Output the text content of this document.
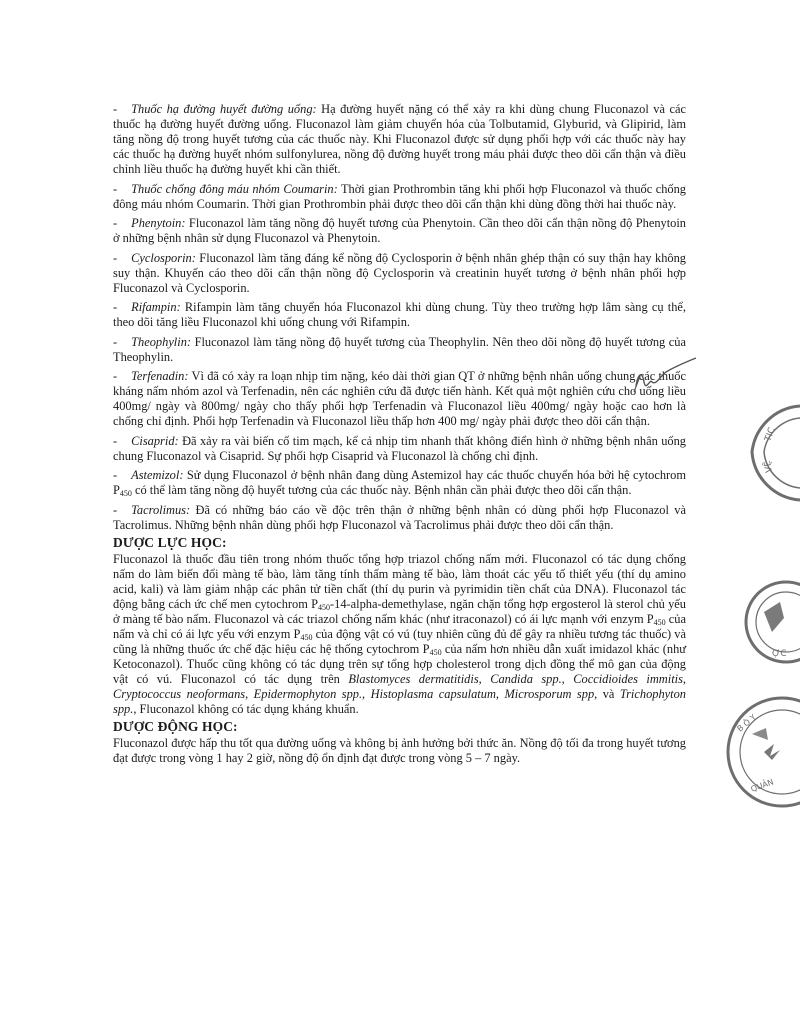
- Thuốc hạ đường huyết đường uống: Hạ đường huyết nặng có thể xảy ra khi dùng chung Fluconazol và các thuốc hạ đường huyết đường uống. Fluconazol làm giảm chuyển hóa của Tolbutamid, Glyburid, và Glipirid, làm tăng nồng độ trong huyết tương của các thuốc này. Khi Fluconazol được sử dụng phối hợp với các thuốc này hay các thuốc hạ đường huyết nhóm sulfonylurea, nồng độ đường huyết trong máu phải được theo dõi cẩn thận và điều chỉnh liều thuốc hạ đường huyết khi cần thiết.

- Thuốc chống đông máu nhóm Coumarin: Thời gian Prothrombin tăng khi phối hợp Fluconazol và thuốc chống đông máu nhóm Coumarin. Thời gian Prothrombin phải được theo dõi cẩn thận khi dùng đồng thời hai thuốc này.

- Phenytoin: Fluconazol làm tăng nồng độ huyết tương của Phenytoin. Cần theo dõi cẩn thận nồng độ Phenytoin ở những bệnh nhân sử dụng Fluconazol và Phenytoin.

- Cyclosporin: Fluconazol làm tăng đáng kể nồng độ Cyclosporin ở bệnh nhân ghép thận có suy thận hay không suy thận. Khuyến cáo theo dõi cẩn thận nồng độ Cyclosporin và creatinin huyết tương ở bệnh nhân phối hợp Fluconazol và Cyclosporin.

- Rifampin: Rifampin làm tăng chuyển hóa Fluconazol khi dùng chung. Tùy theo trường hợp lâm sàng cụ thể, theo dõi tăng liều Fluconazol khi uống chung với Rifampin.

- Theophylin: Fluconazol làm tăng nồng độ huyết tương của Theophylin. Nên theo dõi nồng độ huyết tương của Theophylin.

- Terfenadin: Vì đã có xảy ra loạn nhịp tim nặng, kéo dài thời gian QT ở những bệnh nhân uống chung các thuốc kháng nấm nhóm azol và Terfenadin, nên các nghiên cứu đã được tiến hành. Kết quả một nghiên cứu cho uống liều 400mg/ ngày và 800mg/ ngày cho thấy phối hợp Terfenadin và Fluconazol liều 400mg/ ngày hoặc cao hơn là chống chỉ định. Phối hợp Terfenadin và Fluconazol liều thấp hơn 400 mg/ ngày phải được theo dõi cẩn thận.

- Cisaprid: Đã xảy ra vài biến cố tim mạch, kể cả nhịp tim nhanh thất không điển hình ở những bệnh nhân uống chung Fluconazol và Cisaprid. Sự phối hợp Cisaprid và Fluconazol là chống chỉ định.

- Astemizol: Sử dụng Fluconazol ở bệnh nhân đang dùng Astemizol hay các thuốc chuyển hóa bởi hệ cytochrom $P_{450}$ có thể làm tăng nồng độ huyết tương của các thuốc này. Bệnh nhân cần phải được theo dõi cẩn thận.

- Tacrolimus: Đã có những báo cáo về độc trên thận ở những bệnh nhân có dùng phối hợp Fluconazol và Tacrolimus. Những bệnh nhân dùng phối hợp Fluconazol và Tacrolimus phải được theo dõi cẩn thận.

DƯỢC LỰC HỌC:

Fluconazol là thuốc đầu tiên trong nhóm thuốc tổng hợp triazol chống nấm mới. Fluconazol có tác dụng chống nấm do làm biến đổi màng tế bào, làm tăng tính thấm màng tế bào, làm thoát các yếu tố thiết yếu (thí dụ amino acid, kali) và làm giảm nhập các phân tử tiền chất (thí dụ purin và pyrimidin tiền chất của DNA). Fluconazol tác động bằng cách ức chế men cytochrom $P_{450}-14-alpha$-demethylase, ngăn chặn tổng hợp ergosterol là sterol chủ yếu ở màng tế bào nấm. Fluconazol và các triazol chống nấm khác (như itraconazol) có ái lực mạnh với enzym $P_{450}$ của nấm và chỉ có ái lực yếu với enzym $P_{450}$ của động vật có vú (tuy nhiên cũng đủ để gây ra nhiều tương tác thuốc) và cũng là những thuốc ức chế đặc hiệu các hệ thống cytochrom $P_{450}$ của nấm hơn nhiều dẫn xuất imidazol khác (như Ketoconazol). Thuốc cũng không có tác dụng trên sự tổng hợp cholesterol trong dịch đồng thể mô gan của động vật có vú. Fluconazol có tác dụng trên Blastomyces dermatitidis, Candida spp., Coccidioides immitis, Cryptococcus neoformans, Epidermophyton spp., Histoplasma capsulatum, Microsporum spp, và Trichophyton spp., Fluconazol không có tác dụng kháng khuẩn.

DƯỢC ĐỘNG HỌC:

Fluconazol được hấp thu tốt qua đường uống và không bị ảnh hưởng bởi thức ăn. Nồng độ tối đa trong huyết tương đạt được trong vòng 1 hay 2 giờ, nồng độ ổn định đạt được trong vòng 5 – 7 ngày.

TIC
VỆ
ỢC
B Ộ Y
QUẢN
